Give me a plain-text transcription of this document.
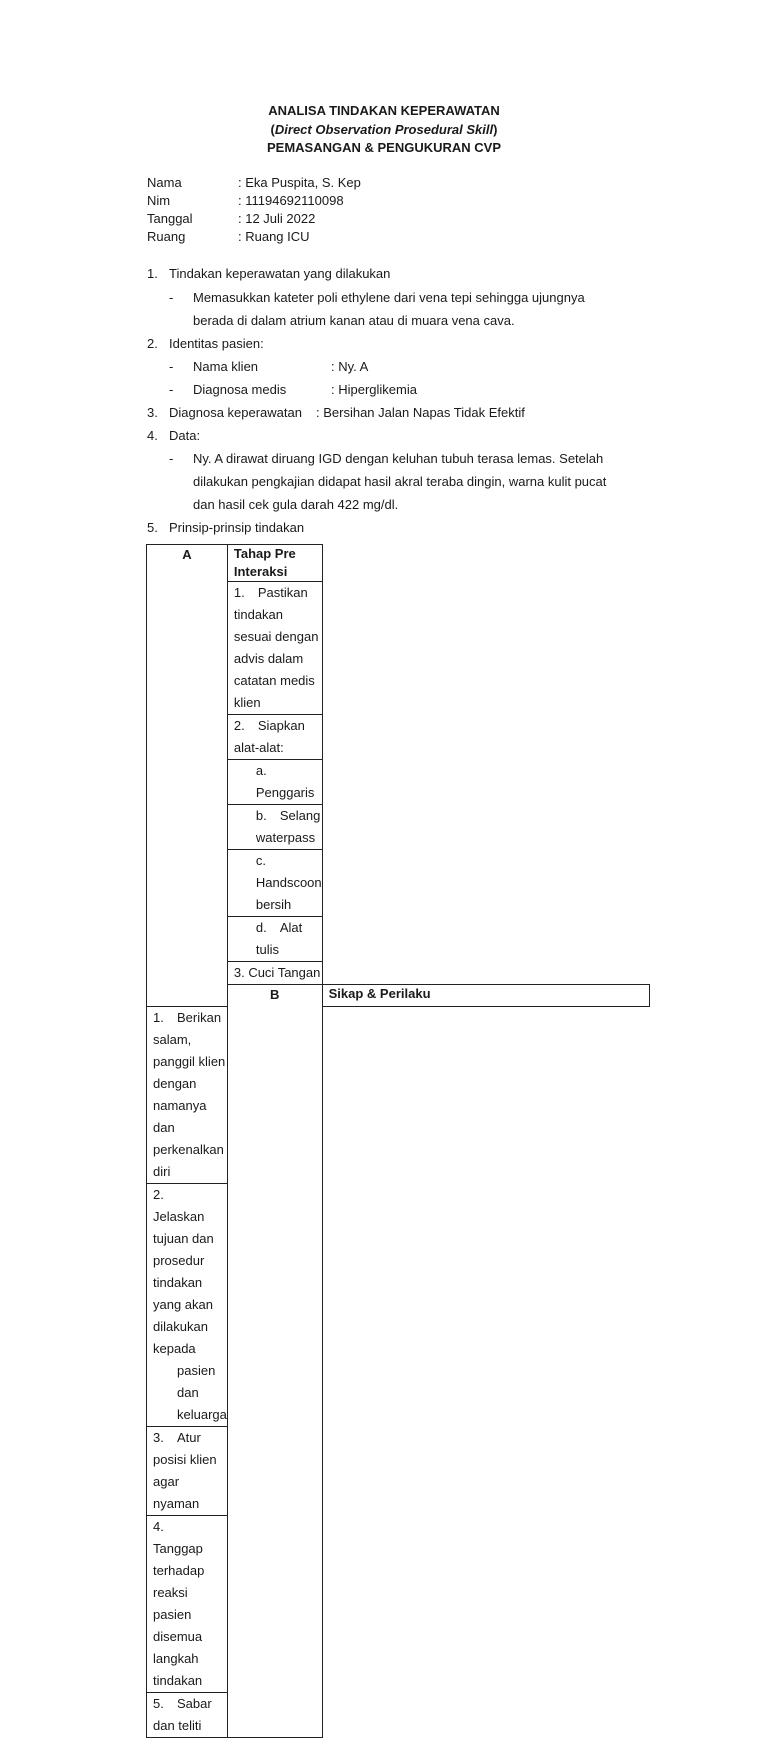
ANALISA TINDAKAN KEPERAWATAN
(Direct Observation Prosedural Skill)
PEMASANGAN & PENGUKURAN CVP
Nama	: Eka Puspita, S. Kep
Nim	: 11194692110098
Tanggal	: 12 Juli 2022
Ruang	: Ruang ICU
1. Tindakan keperawatan yang dilakukan
- Memasukkan kateter poli ethylene dari vena tepi sehingga ujungnya
berada di dalam atrium kanan atau di muara vena cava.
2. Identitas pasien:
- Nama klien	: Ny. A
- Diagnosa medis	: Hiperglikemia
3. Diagnosa keperawatan : Bersihan Jalan Napas Tidak Efektif
4. Data:
- Ny. A dirawat diruang IGD dengan keluhan tubuh terasa lemas. Setelah
dilakukan pengkajian didapat hasil akral teraba dingin, warna kulit pucat
dan hasil cek gula darah 422 mg/dl.
5. Prinsip-prinsip tindakan
A	Tahap Pre Interaksi	
	1. Pastikan tindakan sesuai dengan advis dalam catatan medis klien	
	2. Siapkan alat-alat:	
	a.Penggaris	
	b. Selang waterpass	
	c.Handscoon bersih	
	d. Alat tulis	
	3. Cuci Tangan	
	B	Sikap & Perilaku
1. Berikan salam, panggil klien dengan namanya dan perkenalkan diri		
2.Jelaskan tujuan dan prosedur tindakan yang akan dilakukan kepada
pasien dan keluarga		

3. Atur posisi klien agar nyaman		
4.Tanggap terhadap reaksi pasien disemua langkah tindakan		
5. Sabar dan teliti		
